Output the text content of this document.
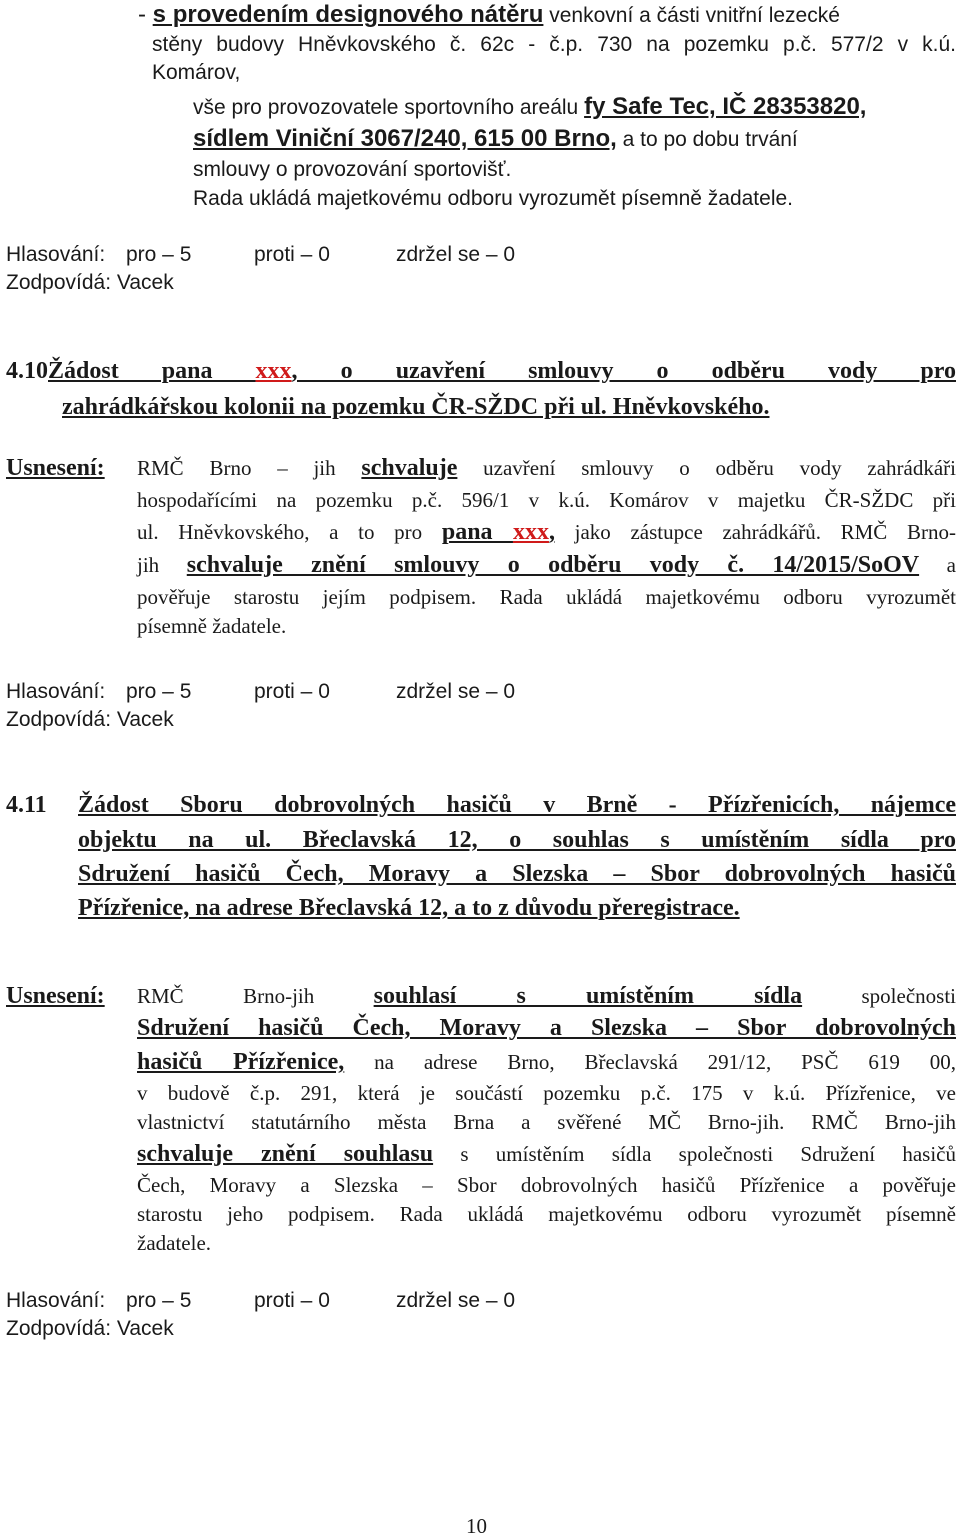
- s provedením designového nátěru venkovní a části vnitřní lezecké
stěny budovy Hněvkovského č. 62c - č.p. 730 na pozemku p.č. 577/2 v k.ú.
Komárov,
vše pro provozovatele sportovního areálu fy Safe Tec, IČ 28353820,
sídlem Viniční 3067/240, 615 00 Brno, a to po dobu trvání
smlouvy o provozování sportovišť.
Rada ukládá majetkovému odboru vyrozumět písemně žadatele.
Hlasování: pro – 5	proti – 0	zdržel se – 0
Zodpovídá: Vacek
4.10Žádost pana xxx, o uzavření smlouvy o odběru vody pro
zahrádkářskou kolonii na pozemku ČR-SŽDC při ul. Hněvkovského.
Usnesení: RMČ Brno – jih schvaluje uzavření smlouvy o odběru vody zahrádkáři
hospodařícími na pozemku p.č. 596/1 v k.ú. Komárov v majetku ČR-SŽDC při
ul. Hněvkovského, a to pro pana xxx, jako zástupce zahrádkářů. RMČ Brno-
jih schvaluje znění smlouvy o odběru vody č. 14/2015/SoOV a
pověřuje starostu jejím podpisem. Rada ukládá majetkovému odboru vyrozumět
písemně žadatele.
Hlasování: pro – 5	proti – 0	zdržel se – 0
Zodpovídá: Vacek
4.11 Žádost Sboru dobrovolných hasičů v Brně - Přízřenicích, nájemce
objektu na ul. Břeclavská 12, o souhlas s umístěním sídla pro
Sdružení hasičů Čech, Moravy a Slezska – Sbor dobrovolných hasičů
Přízřenice, na adrese Břeclavská 12, a to z důvodu přeregistrace.
Usnesení: RMČ Brno-jih souhlasí s umístěním sídla společnosti
Sdružení hasičů Čech, Moravy a Slezska – Sbor dobrovolných
hasičů Přízřenice, na adrese Brno, Břeclavská 291/12, PSČ 619 00,
v budově č.p. 291, která je součástí pozemku p.č. 175 v k.ú. Přízřenice, ve
vlastnictví statutárního města Brna a svěřené MČ Brno-jih. RMČ Brno-jih
schvaluje znění souhlasu s umístěním sídla společnosti Sdružení hasičů
Čech, Moravy a Slezska – Sbor dobrovolných hasičů Přízřenice a pověřuje
starostu jeho podpisem. Rada ukládá majetkovému odboru vyrozumět písemně
žadatele.
Hlasování: pro – 5	proti – 0	zdržel se – 0
Zodpovídá: Vacek
10
